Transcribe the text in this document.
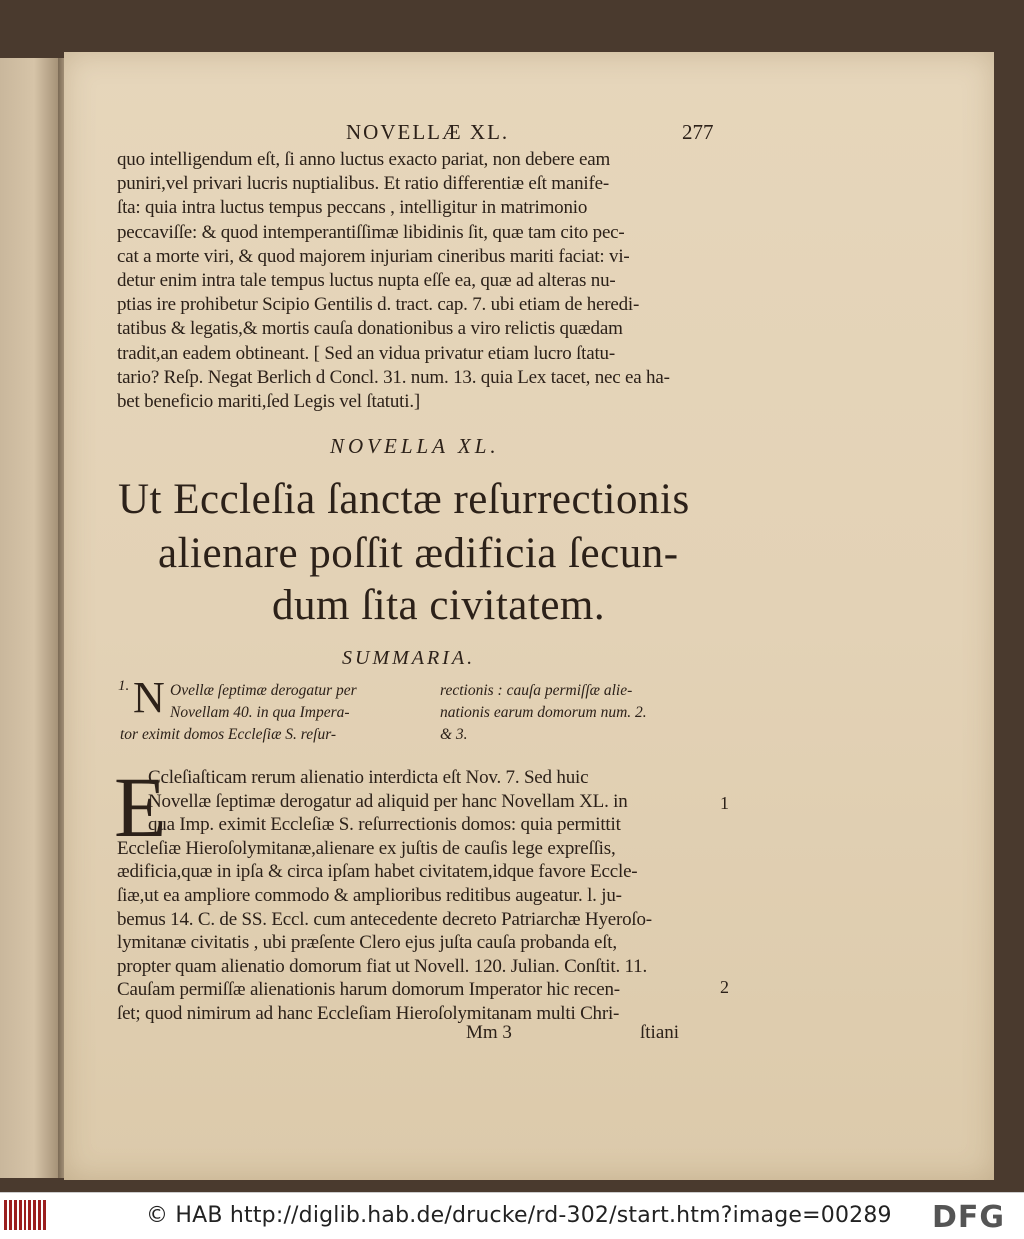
NOVELLÆ XL.	277
quo intelligendum eſt, ſi anno luctus exacto pariat, non debere eam
puniri,vel privari lucris nuptialibus. Et ratio differentiæ eſt manife-
ſta: quia intra luctus tempus peccans , intelligitur in matrimonio
peccaviſſe: & quod intemperantiſſimæ libidinis ſit, quæ tam cito pec-
cat a morte viri, & quod majorem injuriam cineribus mariti faciat: vi-
detur enim intra tale tempus luctus nupta eſſe ea, quæ ad alteras nu-
ptias ire prohibetur Scipio Gentilis d. tract. cap. 7. ubi etiam de heredi-
tatibus & legatis,& mortis cauſa donationibus a viro relictis quædam
tradit,an eadem obtineant. [ Sed an vidua privatur etiam lucro ſtatu-
tario? Reſp. Negat Berlich d Concl. 31. num. 13. quia Lex tacet, nec ea ha-
bet beneficio mariti,ſed Legis vel ſtatuti.]
NOVELLA XL.
Ut Eccleſia ſanctæ reſurrectionis
alienare poſſit ædificia ſecun-
dum ſita civitatem.
SUMMARIA.
1. N Ovellæ ſeptimæ derogatur per
Novellam 40. in qua Impera-
tor eximit domos Eccleſiæ S. reſur-
rectionis : cauſa permiſſæ alie-
nationis earum domorum num. 2.
& 3.
E
Ccleſiaſticam rerum alienatio interdicta eſt Nov. 7. Sed huic
Novellæ ſeptimæ derogatur ad aliquid per hanc Novellam XL. in
qua Imp. eximit Eccleſiæ S. reſurrectionis domos: quia permittit
Eccleſiæ Hieroſolymitanæ,alienare ex juſtis de cauſis lege expreſſis,
ædificia,quæ in ipſa & circa ipſam habet civitatem,idque favore Eccle-
ſiæ,ut ea ampliore commodo & amplioribus reditibus augeatur. l. ju-
bemus 14. C. de SS. Eccl. cum antecedente decreto Patriarchæ Hyeroſo-
lymitanæ civitatis , ubi præſente Clero ejus juſta cauſa probanda eſt,
propter quam alienatio domorum fiat ut Novell. 120. Julian. Conſtit. 11.
Cauſam permiſſæ alienationis harum domorum Imperator hic recen-
ſet; quod nimirum ad hanc Eccleſiam Hieroſolymitanam multi Chri-
1
2
Mm 3	ſtiani
© HAB http://diglib.hab.de/drucke/rd-302/start.htm?image=00289 DFG
